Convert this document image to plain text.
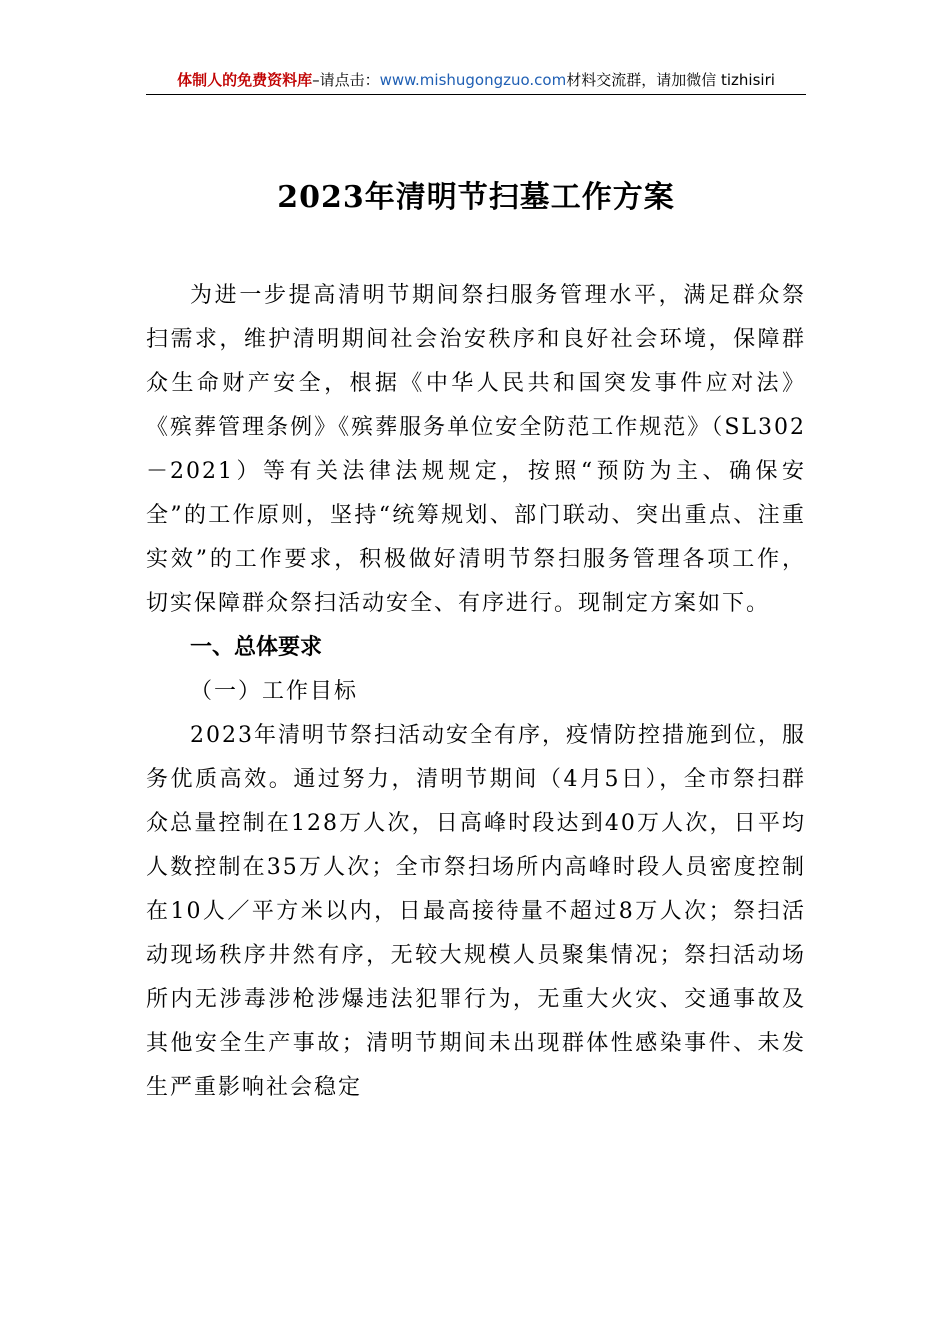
体制人的免费资料库–请点击：www.mishugongzuo.com材料交流群，请加微信 tizhisiri
2023年清明节扫墓工作方案

为进一步提高清明节期间祭扫服务管理水平，满足群众祭扫需求，维护清明期间社会治安秩序和良好社会环境，保障群众生命财产安全，根据《中华人民共和国突发事件应对法》《殡葬管理条例》《殡葬服务单位安全防范工作规范》（SL302－2021）等有关法律法规规定，按照“预防为主、确保安全”的工作原则，坚持“统筹规划、部门联动、突出重点、注重实效”的工作要求，积极做好清明节祭扫服务管理各项工作，切实保障群众祭扫活动安全、有序进行。现制定方案如下。

一、总体要求

（一）工作目标

2023年清明节祭扫活动安全有序，疫情防控措施到位，服务优质高效。通过努力，清明节期间（4月5日），全市祭扫群众总量控制在128万人次，日高峰时段达到40万人次，日平均人数控制在35万人次；全市祭扫场所内高峰时段人员密度控制在10人／平方米以内，日最高接待量不超过8万人次；祭扫活动现场秩序井然有序，无较大规模人员聚集情况；祭扫活动场所内无涉毒涉枪涉爆违法犯罪行为，无重大火灾、交通事故及其他安全生产事故；清明节期间未出现群体性感染事件、未发生严重影响社会稳定
